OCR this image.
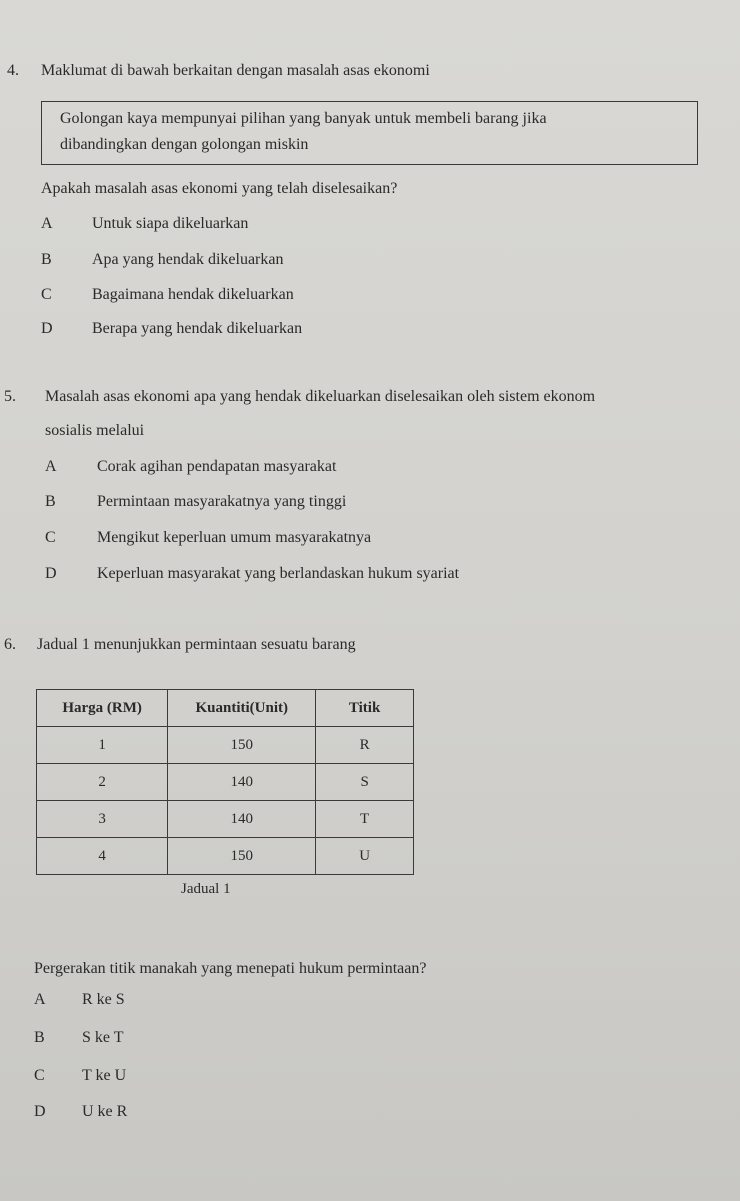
4. Maklumat di bawah berkaitan dengan masalah asas ekonomi
Golongan kaya mempunyai pilihan yang banyak untuk membeli barang jika
dibandingkan dengan golongan miskin
Apakah masalah asas ekonomi yang telah diselesaikan?
A Untuk siapa dikeluarkan
B	Apa yang hendak dikeluarkan
C	Bagaimana hendak dikeluarkan
D Berapa yang hendak dikeluarkan
5. Masalah asas ekonomi apa yang hendak dikeluarkan diselesaikan oleh sistem ekonom
sosialis melalui
A	Corak agihan pendapatan masyarakat
B	Permintaan masyarakatnya yang tinggi
C	Mengikut keperluan umum masyarakatnya
D	Keperluan masyarakat yang berlandaskan hukum syariat
6. Jadual 1 menunjukkan permintaan sesuatu barang
Harga (RM)	Kuantiti(Unit)	Titik
1	150	R
2	140	S
3	140	T
4	150	U
Jadual 1
Pergerakan titik manakah yang menepati hukum permintaan?
A R ke S
B S ke T
C T ke U
D U ke R
